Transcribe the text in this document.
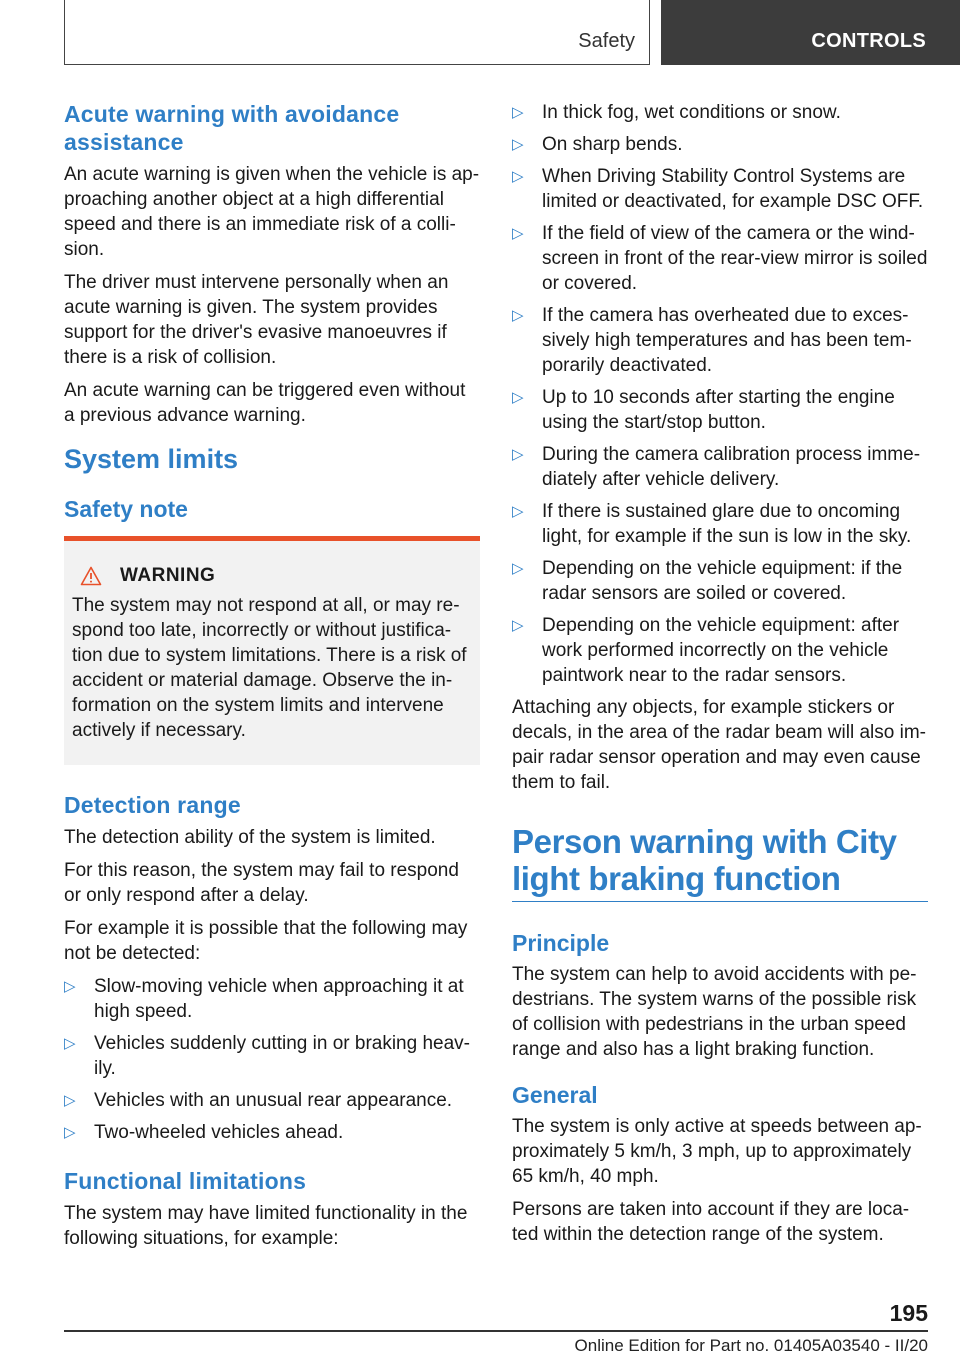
Safety	CONTROLS
Acute warning with avoidance assistance

An acute warning is given when the vehicle is ap‐proaching another object at a high differential speed and there is an immediate risk of a colli‐sion.

The driver must intervene personally when an acute warning is given. The system provides support for the driver's evasive manoeuvres if there is a risk of collision.

An acute warning can be triggered even without a previous advance warning.

System limits
Safety note
WARNING

The system may not respond at all, or may re‐spond too late, incorrectly or without justifica‐tion due to system limitations. There is a risk of accident or material damage. Observe the in‐formation on the system limits and intervene actively if necessary.

Detection range

The detection ability of the system is limited.

For this reason, the system may fail to respond or only respond after a delay.

For example it is possible that the following may not be detected:

▷ Slow-moving vehicle when approaching it at high speed.
▷ Vehicles suddenly cutting in or braking heav‐ily.
▷ Vehicles with an unusual rear appearance.
▷ Two-wheeled vehicles ahead.
Functional limitations

The system may have limited functionality in the following situations, for example:

▷ In thick fog, wet conditions or snow.
▷ On sharp bends.
▷ When Driving Stability Control Systems are limited or deactivated, for example DSC OFF.
▷ If the field of view of the camera or the wind‐screen in front of the rear-view mirror is soiled or covered.
▷ If the camera has overheated due to exces‐sively high temperatures and has been tem‐porarily deactivated.
▷ Up to 10 seconds after starting the engine using the start/stop button.
▷ During the camera calibration process imme‐diately after vehicle delivery.
▷ If there is sustained glare due to oncoming light, for example if the sun is low in the sky.
▷ Depending on the vehicle equipment: if the radar sensors are soiled or covered.
▷ Depending on the vehicle equipment: after work performed incorrectly on the vehicle paintwork near to the radar sensors.

Attaching any objects, for example stickers or decals, in the area of the radar beam will also im‐pair radar sensor operation and may even cause them to fail.

Person warning with City light braking function
Principle

The system can help to avoid accidents with pe‐destrians. The system warns of the possible risk of collision with pedestrians in the urban speed range and also has a light braking function.

General

The system is only active at speeds between ap‐proximately 5 km/h, 3 mph, up to approximately 65 km/h, 40 mph.

Persons are taken into account if they are loca‐ted within the detection range of the system.

195
Online Edition for Part no. 01405A03540 - II/20
